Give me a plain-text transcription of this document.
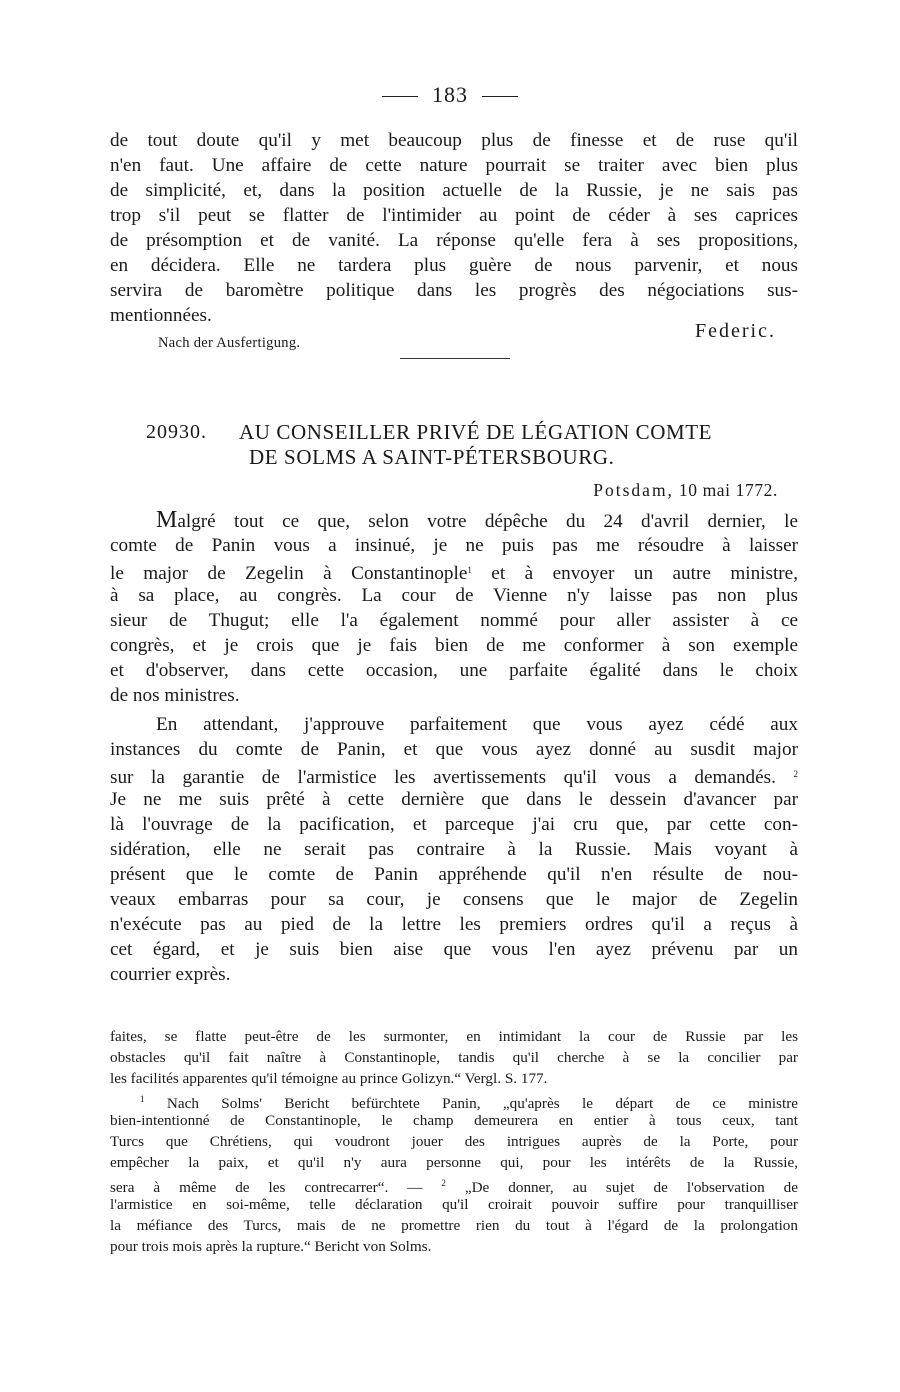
183
de tout doute qu'il y met beaucoup plus de finesse et de ruse qu'il
n'en faut. Une affaire de cette nature pourrait se traiter avec bien plus
de simplicité, et, dans la position actuelle de la Russie, je ne sais pas
trop s'il peut se flatter de l'intimider au point de céder à ses caprices
de présomption et de vanité. La réponse qu'elle fera à ses propositions,
en décidera. Elle ne tardera plus guère de nous parvenir, et nous
servira de baromètre politique dans les progrès des négociations sus-
mentionnées.
Nach der Ausfertigung.
Federic.
20930. AU CONSEILLER PRIVÉ DE LÉGATION COMTE
DE SOLMS A SAINT-PÉTERSBOURG.
Potsdam, 10 mai 1772.
Malgré tout ce que, selon votre dépêche du 24 d'avril dernier, le
comte de Panin vous a insinué, je ne puis pas me résoudre à laisser
le major de Zegelin à Constantinople$^1$ et à envoyer un autre ministre,
à sa place, au congrès. La cour de Vienne n'y laisse pas non plus
sieur de Thugut; elle l'a également nommé pour aller assister à ce
congrès, et je crois que je fais bien de me conformer à son exemple
et d'observer, dans cette occasion, une parfaite égalité dans le choix
de nos ministres.
En attendant, j'approuve parfaitement que vous ayez cédé aux
instances du comte de Panin, et que vous ayez donné au susdit major
sur la garantie de l'armistice les avertissements qu'il vous a demandés. $^2$
Je ne me suis prêté à cette dernière que dans le dessein d'avancer par
là l'ouvrage de la pacification, et parceque j'ai cru que, par cette con-
sidération, elle ne serait pas contraire à la Russie. Mais voyant à
présent que le comte de Panin appréhende qu'il n'en résulte de nou-
veaux embarras pour sa cour, je consens que le major de Zegelin
n'exécute pas au pied de la lettre les premiers ordres qu'il a reçus à
cet égard, et je suis bien aise que vous l'en ayez prévenu par un
courrier exprès.
faites, se flatte peut-être de les surmonter, en intimidant la cour de Russie par les
obstacles qu'il fait naître à Constantinople, tandis qu'il cherche à se la concilier par
les facilités apparentes qu'il témoigne au prince Golizyn.“ Vergl. S. 177.
$^1$ Nach Solms' Bericht befürchtete Panin, „qu'après le départ de ce ministre
bien-intentionné de Constantinople, le champ demeurera en entier à tous ceux, tant
Turcs que Chrétiens, qui voudront jouer des intrigues auprès de la Porte, pour
empêcher la paix, et qu'il n'y aura personne qui, pour les intérêts de la Russie,
sera à même de les contrecarrer“. — $^2$ „De donner, au sujet de l'observation de
l'armistice en soi-même, telle déclaration qu'il croirait pouvoir suffire pour tranquilliser
la méfiance des Turcs, mais de ne promettre rien du tout à l'égard de la prolongation
pour trois mois après la rupture.“ Bericht von Solms.
